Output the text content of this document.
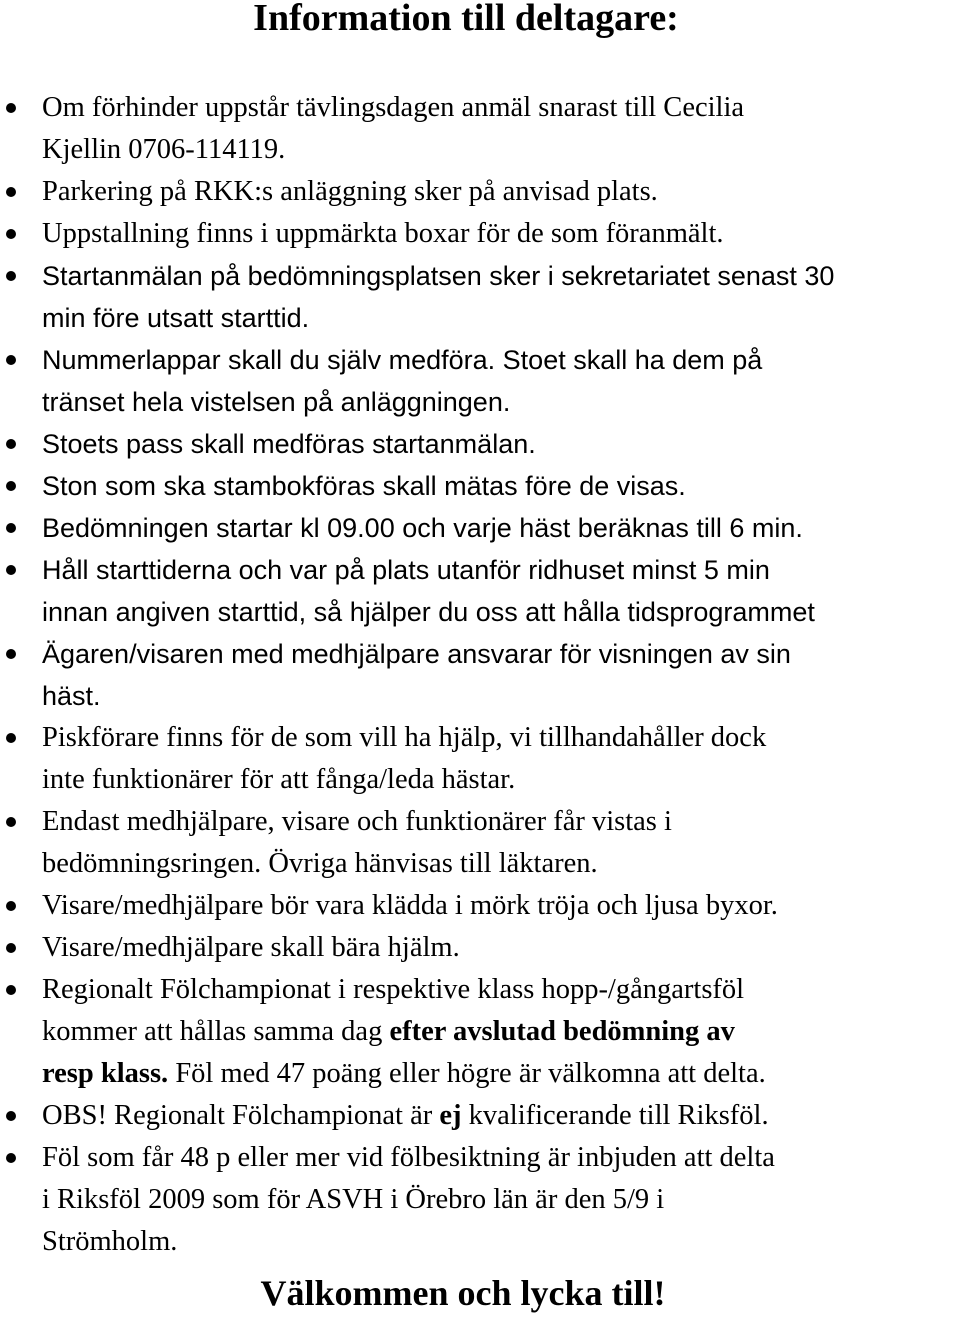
Information till deltagare:
Om förhinder uppstår tävlingsdagen anmäl snarast till Cecilia
Kjellin 0706-114119.
Parkering på RKK:s anläggning sker på anvisad plats.
Uppstallning finns i uppmärkta boxar för de som föranmält.
Startanmälan på bedömningsplatsen sker i sekretariatet senast 30
min före utsatt starttid.
Nummerlappar skall du själv medföra. Stoet skall ha dem på
tränset hela vistelsen på anläggningen.
Stoets pass skall medföras startanmälan.
Ston som ska stambokföras skall mätas före de visas.
Bedömningen startar kl 09.00 och varje häst beräknas till 6 min.
Håll starttiderna och var på plats utanför ridhuset minst 5 min
innan angiven starttid, så hjälper du oss att hålla tidsprogrammet
Ägaren/visaren med medhjälpare ansvarar för visningen av sin
häst.
Piskförare finns för de som vill ha hjälp, vi tillhandahåller dock
inte funktionärer för att fånga/leda hästar.
Endast medhjälpare, visare och funktionärer får vistas i
bedömningsringen. Övriga hänvisas till läktaren.
Visare/medhjälpare bör vara klädda i mörk tröja och ljusa byxor.
Visare/medhjälpare skall bära hjälm.
Regionalt Fölchampionat i respektive klass hopp-/gångartsföl
kommer att hållas samma dag efter avslutad bedömning av
resp klass. Föl med 47 poäng eller högre är välkomna att delta.
OBS! Regionalt Fölchampionat är ej kvalificerande till Riksföl.
Föl som får 48 p eller mer vid fölbesiktning är inbjuden att delta
i Riksföl 2009 som för ASVH i Örebro län är den 5/9 i
Strömholm.
Välkommen och lycka till!
